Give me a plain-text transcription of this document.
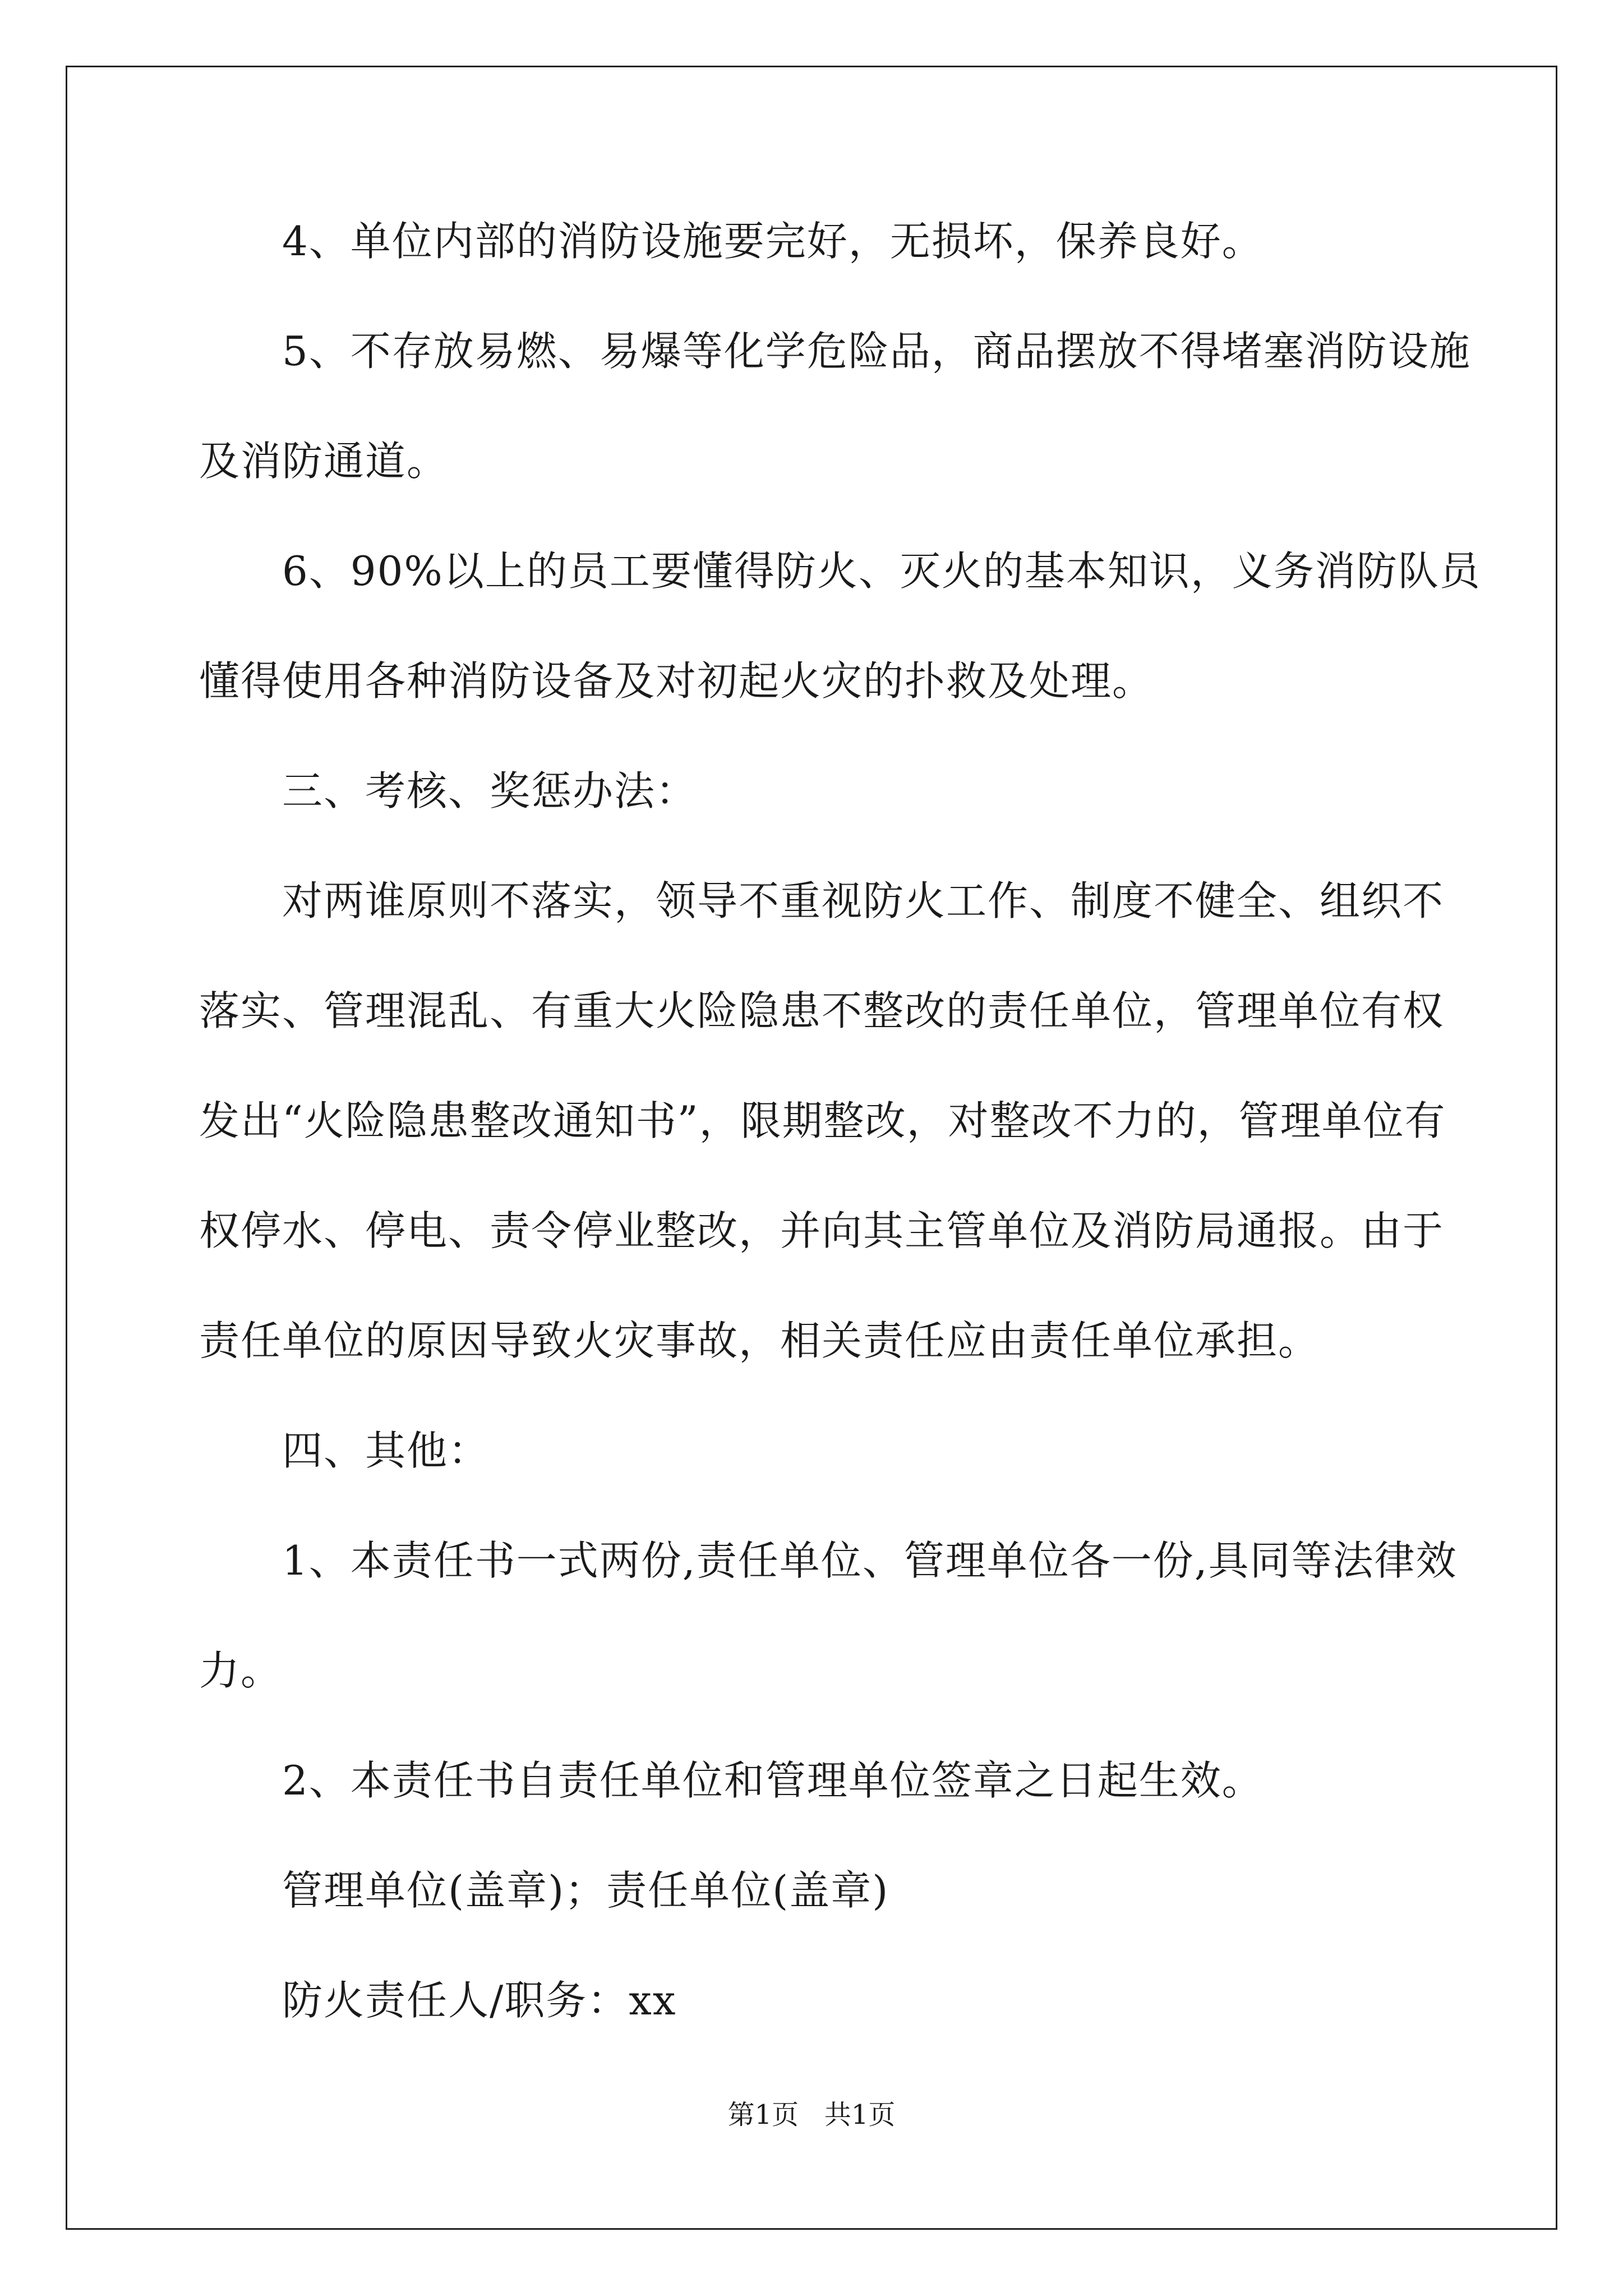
4、单位内部的消防设施要完好，无损坏，保养良好。
5、不存放易燃、易爆等化学危险品，商品摆放不得堵塞消防设施
及消防通道。
6、90%以上的员工要懂得防火、灭火的基本知识，义务消防队员
懂得使用各种消防设备及对初起火灾的扑救及处理。
三、考核、奖惩办法：
对两谁原则不落实，领导不重视防火工作、制度不健全、组织不
落实、管理混乱、有重大火险隐患不整改的责任单位，管理单位有权
发出“火险隐患整改通知书”，限期整改，对整改不力的，管理单位有
权停水、停电、责令停业整改，并向其主管单位及消防局通报。由于
责任单位的原因导致火灾事故，相关责任应由责任单位承担。
四、其他：
1、本责任书一式两份,责任单位、管理单位各一份,具同等法律效
力。
2、本责任书自责任单位和管理单位签章之日起生效。
管理单位(盖章)；责任单位(盖章)
防火责任人/职务：xx
第1页   共1页
